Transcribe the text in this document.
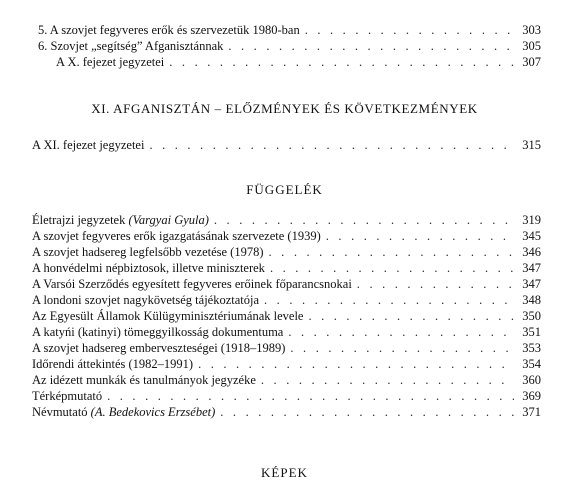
5. A szovjet fegyveres erők és szervezetük 1980-ban . . .	303
6. Szovjet „segítség” Afganisztánnak . . .	305
A X. fejezet jegyzetei . . .	307
XI. AFGANISZTÁN – ELŐZMÉNYEK ÉS KÖVETKEZMÉNYEK
A XI. fejezet jegyzetei . . .	315
FÜGGELÉK
Életrajzi jegyzetek (Vargyai Gyula) . . .	319
A szovjet fegyveres erők igazgatásának szervezete (1939) . . .	345
A szovjet hadsereg legfelsőbb vezetése (1978) . . .	346
A honvédelmi népbiztosok, illetve miniszterek . . .	347
A Varsói Szerződés egyesített fegyveres erőinek főparancsnokai . . .	347
A londoni szovjet nagykövetség tájékoztatója . . .	348
Az Egyesült Államok Külügyminisztériumának levele . . .	350
A katyńi (katinyi) tömeggyilkosság dokumentuma . . .	351
A szovjet hadsereg emberveszteségei (1918–1989) . . .	353
Időrendi áttekintés (1982–1991) . . .	354
Az idézett munkák és tanulmányok jegyzéke . . .	360
Térképmutató . . .	369
Névmutató (A. Bedekovics Erzsébet) . . .	371
KÉPEK
